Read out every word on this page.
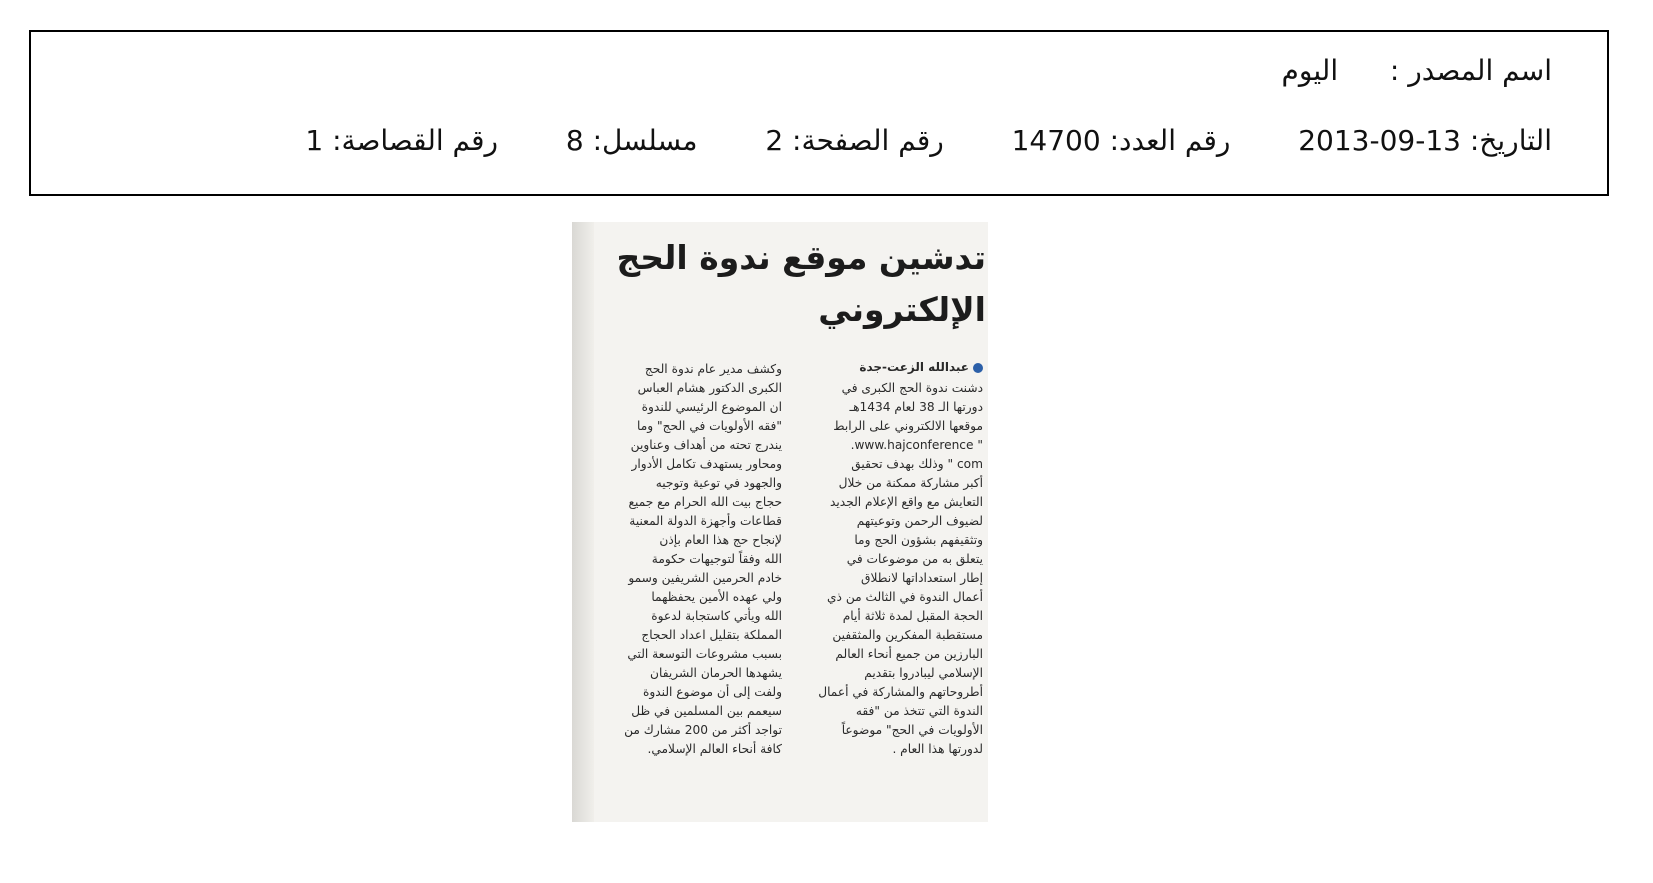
اسم المصدر : اليوم
التاريخ: 2013-09-13  رقم العدد: 14700  رقم الصفحة: 2  مسلسل: 8  رقم القصاصة: 1
تدشين موقع ندوة الحج
الإلكتروني
عبدالله الزعت-جدة
دشنت ندوة الحج الكبرى في
دورتها الـ 38 لعام 1434هـ
موقعها الالكتروني على الرابط
" www.hajconference.
com " وذلك بهدف تحقيق
أكبر مشاركة ممكنة من خلال
التعايش مع واقع الإعلام الجديد
لضيوف الرحمن وتوعيتهم
وتثقيفهم بشؤون الحج وما
يتعلق به من موضوعات في
إطار استعداداتها لانطلاق
أعمال الندوة في الثالث من ذي
الحجة المقبل لمدة ثلاثة أيام
مستقطبة المفكرين والمثقفين
البارزين من جميع أنحاء العالم
الإسلامي ليبادروا بتقديم
أطروحاتهم والمشاركة في أعمال
الندوة التي تتخذ من "فقه
الأولويات في الحج" موضوعاً
لدورتها هذا العام .
وكشف مدير عام ندوة الحج
الكبرى الدكتور هشام العباس
ان الموضوع الرئيسي للندوة
"فقه الأولويات في الحج" وما
يندرج تحته من أهداف وعناوين
ومحاور يستهدف تكامل الأدوار
والجهود في توعية وتوجيه
حجاج بيت الله الحرام مع جميع
قطاعات وأجهزة الدولة المعنية
لإنجاح حج هذا العام بإذن
الله وفقاً لتوجيهات حكومة
خادم الحرمين الشريفين وسمو
ولي عهده الأمين يحفظهما
الله ويأتي كاستجابة لدعوة
المملكة بتقليل اعداد الحجاج
بسبب مشروعات التوسعة التي
يشهدها الحرمان الشريفان
ولفت إلى أن موضوع الندوة
سيعمم بين المسلمين في ظل
تواجد أكثر من 200 مشارك من
كافة أنحاء العالم الإسلامي.
